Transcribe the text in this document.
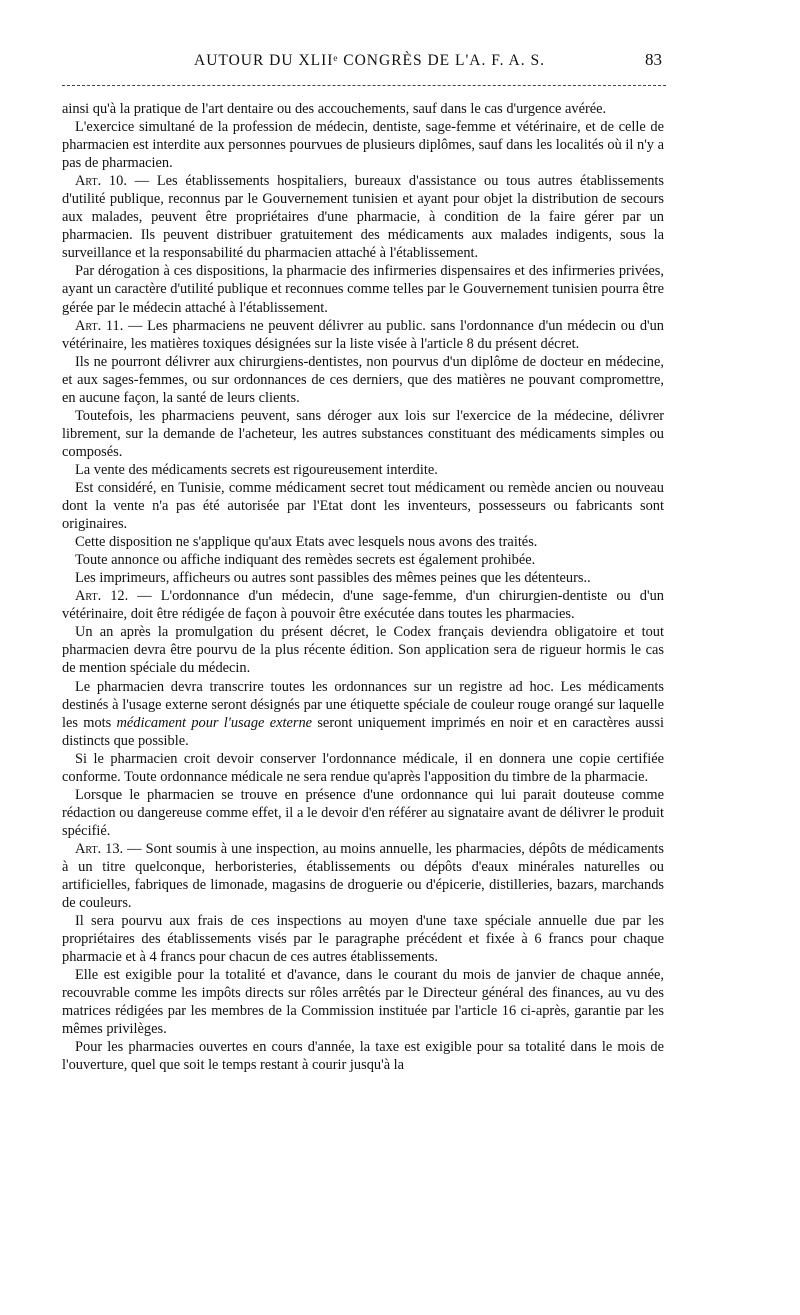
AUTOUR DU XLIIᵉ CONGRÈS DE L'A. F. A. S.	83

ainsi qu'à la pratique de l'art dentaire ou des accouchements, sauf dans le cas d'urgence avérée.

L'exercice simultané de la profession de médecin, dentiste, sage-femme et vétérinaire, et de celle de pharmacien est interdite aux personnes pourvues de plusieurs diplômes, sauf dans les localités où il n'y a pas de pharmacien.

Art. 10. — Les établissements hospitaliers, bureaux d'assistance ou tous autres établissements d'utilité publique, reconnus par le Gouvernement tunisien et ayant pour objet la distribution de secours aux malades, peuvent être propriétaires d'une pharmacie, à condition de la faire gérer par un pharmacien. Ils peuvent distribuer gratuitement des médicaments aux malades indigents, sous la surveillance et la responsabilité du pharmacien attaché à l'établissement.

Par dérogation à ces dispositions, la pharmacie des infirmeries dispensaires et des infirmeries privées, ayant un caractère d'utilité publique et reconnues comme telles par le Gouvernement tunisien pourra être gérée par le médecin attaché à l'établissement.

Art. 11. — Les pharmaciens ne peuvent délivrer au public. sans l'ordonnance d'un médecin ou d'un vétérinaire, les matières toxiques désignées sur la liste visée à l'article 8 du présent décret.

Ils ne pourront délivrer aux chirurgiens-dentistes, non pourvus d'un diplôme de docteur en médecine, et aux sages-femmes, ou sur ordonnances de ces derniers, que des matières ne pouvant compromettre, en aucune façon, la santé de leurs clients.

Toutefois, les pharmaciens peuvent, sans déroger aux lois sur l'exercice de la médecine, délivrer librement, sur la demande de l'acheteur, les autres substances constituant des médicaments simples ou composés.

La vente des médicaments secrets est rigoureusement interdite.

Est considéré, en Tunisie, comme médicament secret tout médicament ou remède ancien ou nouveau dont la vente n'a pas été autorisée par l'Etat dont les inventeurs, possesseurs ou fabricants sont originaires.

Cette disposition ne s'applique qu'aux Etats avec lesquels nous avons des traités.

Toute annonce ou affiche indiquant des remèdes secrets est également prohibée.

Les imprimeurs, afficheurs ou autres sont passibles des mêmes peines que les détenteurs..

Art. 12. — L'ordonnance d'un médecin, d'une sage-femme, d'un chirurgien-dentiste ou d'un vétérinaire, doit être rédigée de façon à pouvoir être exécutée dans toutes les pharmacies.

Un an après la promulgation du présent décret, le Codex français deviendra obligatoire et tout pharmacien devra être pourvu de la plus récente édition. Son application sera de rigueur hormis le cas de mention spéciale du médecin.

Le pharmacien devra transcrire toutes les ordonnances sur un registre ad hoc. Les médicaments destinés à l'usage externe seront désignés par une étiquette spéciale de couleur rouge orangé sur laquelle les mots médicament pour l'usage externe seront uniquement imprimés en noir et en caractères aussi distincts que possible.

Si le pharmacien croit devoir conserver l'ordonnance médicale, il en donnera une copie certifiée conforme. Toute ordonnance médicale ne sera rendue qu'après l'apposition du timbre de la pharmacie.

Lorsque le pharmacien se trouve en présence d'une ordonnance qui lui parait douteuse comme rédaction ou dangereuse comme effet, il a le devoir d'en référer au signataire avant de délivrer le produit spécifié.

Art. 13. — Sont soumis à une inspection, au moins annuelle, les pharmacies, dépôts de médicaments à un titre quelconque, herboristeries, établissements ou dépôts d'eaux minérales naturelles ou artificielles, fabriques de limonade, magasins de droguerie ou d'épicerie, distilleries, bazars, marchands de couleurs.

Il sera pourvu aux frais de ces inspections au moyen d'une taxe spéciale annuelle due par les propriétaires des établissements visés par le paragraphe précédent et fixée à 6 francs pour chaque pharmacie et à 4 francs pour chacun de ces autres établissements.

Elle est exigible pour la totalité et d'avance, dans le courant du mois de janvier de chaque année, recouvrable comme les impôts directs sur rôles arrêtés par le Directeur général des finances, au vu des matrices rédigées par les membres de la Commission instituée par l'article 16 ci-après, garantie par les mêmes privilèges.

Pour les pharmacies ouvertes en cours d'année, la taxe est exigible pour sa totalité dans le mois de l'ouverture, quel que soit le temps restant à courir jusqu'à la
